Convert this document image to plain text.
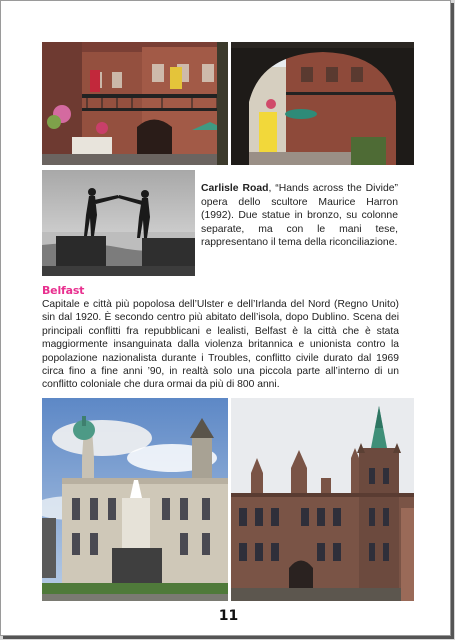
Carlisle Road, “Hands across the Divide” opera dello scultore Maurice Harron (1992). Due statue in bronzo, su colonne separate, ma con le mani tese, rappresentano il tema della riconciliazione.

Belfast

Capitale e città più popolosa dell’Ulster e dell’Irlanda del Nord (Regno Unito) sin dal 1920. È secondo centro più abitato dell’isola, dopo Dublino. Scena dei principali conflitti fra repubblicani e lealisti, Belfast è la città che è stata maggiormente insanguinata dalla violenza britannica e unionista contro la popolazione nazionalista durante i Troubles, conflitto civile durato dal 1969 circa fino a fine anni ’90, in realtà solo una piccola parte all’interno di un conflitto coloniale che dura ormai da più di 800 anni.

11
